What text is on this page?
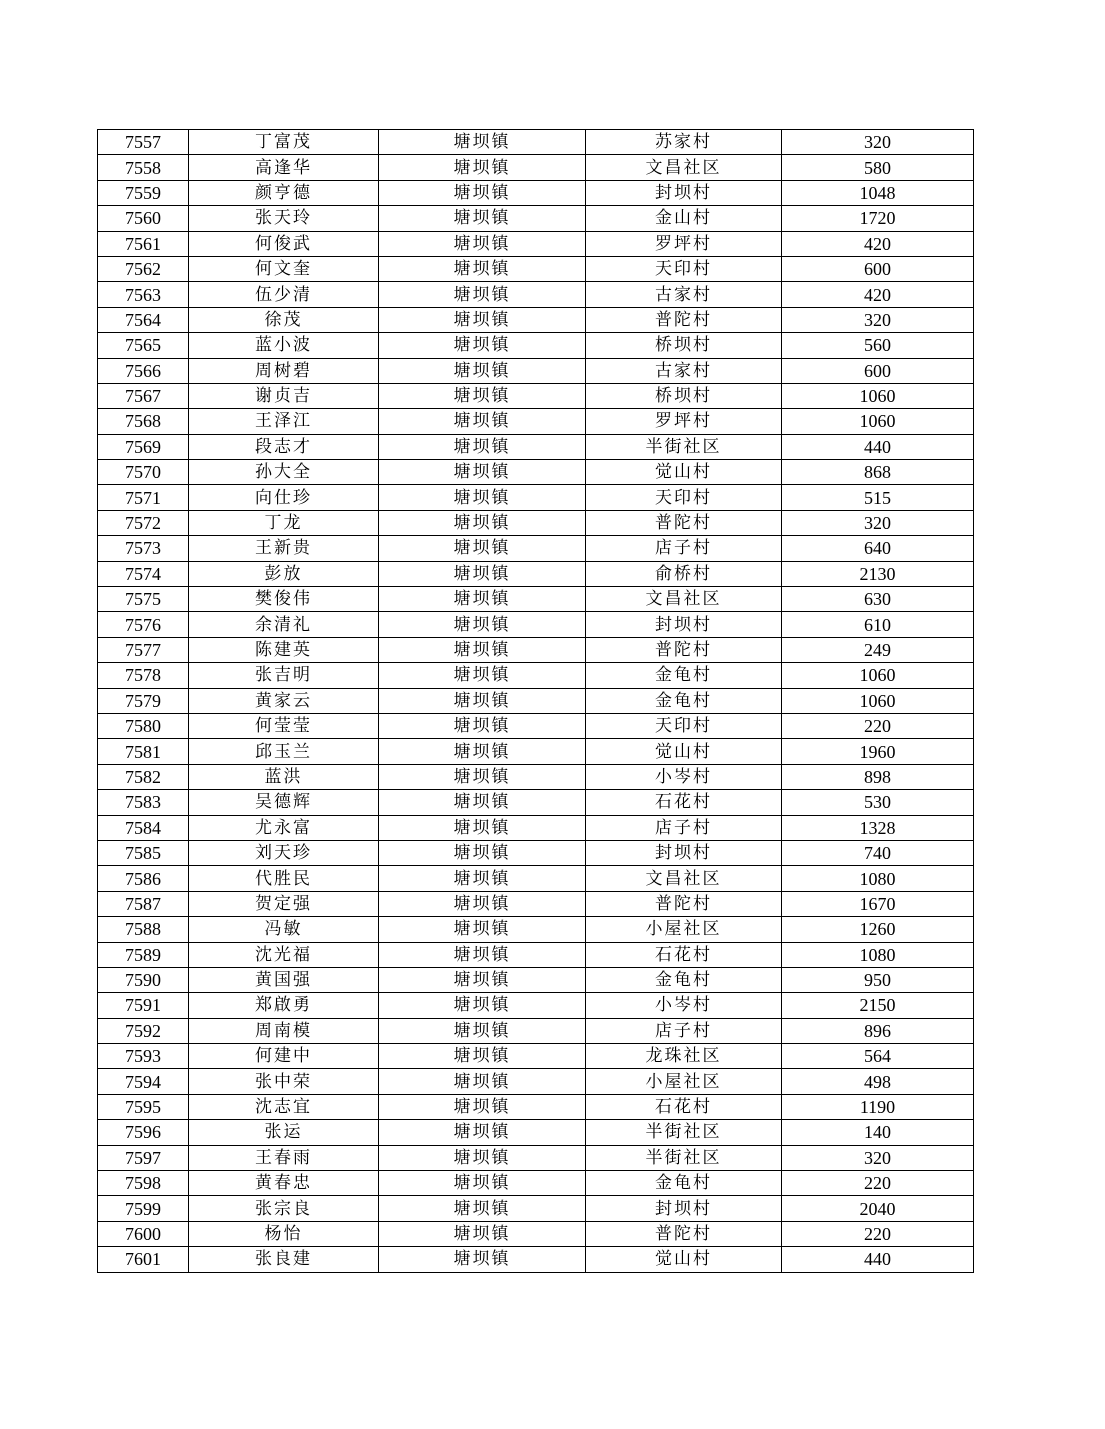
7557	丁富茂	塘坝镇	苏家村	320
7558	高逢华	塘坝镇	文昌社区	580
7559	颜亨德	塘坝镇	封坝村	1048
7560	张天玲	塘坝镇	金山村	1720
7561	何俊武	塘坝镇	罗坪村	420
7562	何文奎	塘坝镇	天印村	600
7563	伍少清	塘坝镇	古家村	420
7564	徐茂	塘坝镇	普陀村	320
7565	蓝小波	塘坝镇	桥坝村	560
7566	周树碧	塘坝镇	古家村	600
7567	谢贞吉	塘坝镇	桥坝村	1060
7568	王泽江	塘坝镇	罗坪村	1060
7569	段志才	塘坝镇	半街社区	440
7570	孙大全	塘坝镇	觉山村	868
7571	向仕珍	塘坝镇	天印村	515
7572	丁龙	塘坝镇	普陀村	320
7573	王新贵	塘坝镇	店子村	640
7574	彭放	塘坝镇	俞桥村	2130
7575	樊俊伟	塘坝镇	文昌社区	630
7576	余清礼	塘坝镇	封坝村	610
7577	陈建英	塘坝镇	普陀村	249
7578	张吉明	塘坝镇	金龟村	1060
7579	黄家云	塘坝镇	金龟村	1060
7580	何莹莹	塘坝镇	天印村	220
7581	邱玉兰	塘坝镇	觉山村	1960
7582	蓝洪	塘坝镇	小岑村	898
7583	吴德辉	塘坝镇	石花村	530
7584	尤永富	塘坝镇	店子村	1328
7585	刘天珍	塘坝镇	封坝村	740
7586	代胜民	塘坝镇	文昌社区	1080
7587	贺定强	塘坝镇	普陀村	1670
7588	冯敏	塘坝镇	小屋社区	1260
7589	沈光福	塘坝镇	石花村	1080
7590	黄国强	塘坝镇	金龟村	950
7591	郑啟勇	塘坝镇	小岑村	2150
7592	周南模	塘坝镇	店子村	896
7593	何建中	塘坝镇	龙珠社区	564
7594	张中荣	塘坝镇	小屋社区	498
7595	沈志宜	塘坝镇	石花村	1190
7596	张运	塘坝镇	半街社区	140
7597	王春雨	塘坝镇	半街社区	320
7598	黄春忠	塘坝镇	金龟村	220
7599	张宗良	塘坝镇	封坝村	2040
7600	杨怡	塘坝镇	普陀村	220
7601	张良建	塘坝镇	觉山村	440
